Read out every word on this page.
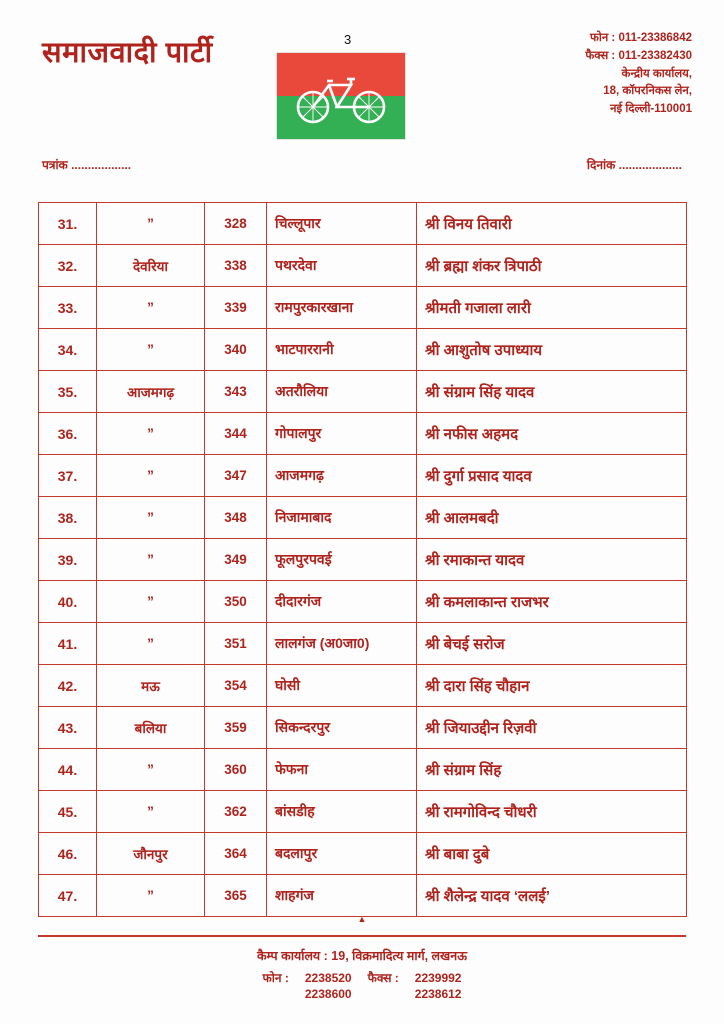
समाजवादी पार्टी	3	फोन : 011-23386842
फैक्स : 011-23382430
केन्द्रीय कार्यालय,
18, कॉपरनिकस लेन,
नई दिल्ली-110001
पत्रांक ..................	दिनांक ...................
31.	”	328	चिल्लूपार	श्री विनय तिवारी
32.	देवरिया	338	पथरदेवा	श्री ब्रह्मा शंकर त्रिपाठी
33.	”	339	रामपुरकारखाना	श्रीमती गजाला लारी
34.	”	340	भाटपाररानी	श्री आशुतोष उपाध्याय
35.	आजमगढ़	343	अतरौलिया	श्री संग्राम सिंह यादव
36.	”	344	गोपालपुर	श्री नफीस अहमद
37.	”	347	आजमगढ़	श्री दुर्गा प्रसाद यादव
38.	”	348	निजामाबाद	श्री आलमबदी
39.	”	349	फूलपुरपवई	श्री रमाकान्त यादव
40.	”	350	दीदारगंज	श्री कमलाकान्त राजभर
41.	”	351	लालगंज (अ0जा0)	श्री बेचई सरोज
42.	मऊ	354	घोसी	श्री दारा सिंह चौहान
43.	बलिया	359	सिकन्दरपुर	श्री जियाउद्दीन रिज़वी
44.	”	360	फेफना	श्री संग्राम सिंह
45.	”	362	बांसडीह	श्री रामगोविन्द चौधरी
46.	जौनपुर	364	बदलापुर	श्री बाबा दुबे
47.	”	365	शाहगंज	श्री शैलेन्द्र यादव ‘ललई’
▲
कैम्प कार्यालय : 19, विक्रमादित्य मार्ग, लखनऊ
फोन : 2238520
2238600
फैक्स : 2239992
2238612
